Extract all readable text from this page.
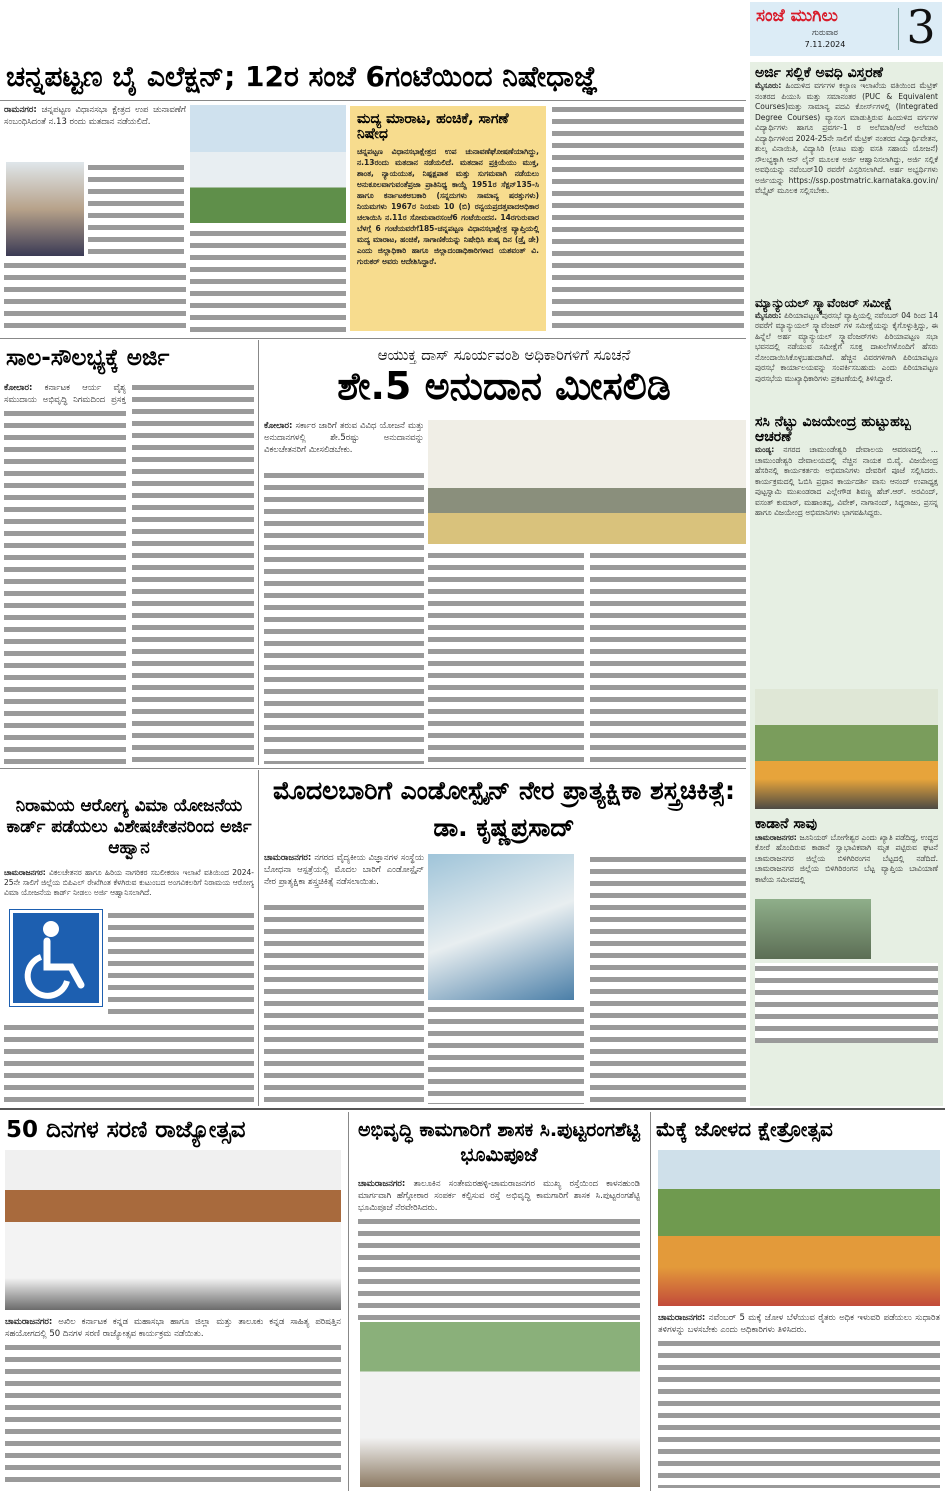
ಸಂಜೆ ಮುಗಿಲು
ಗುರುವಾರ
7.11.2024	3
ಚನ್ನಪಟ್ಟಣ ಬೈ ಎಲೆಕ್ಷನ್; 12ರ ಸಂಜೆ 6ಗಂಟೆಯಿಂದ ನಿಷೇಧಾಜ್ಞೆ
ರಾಮನಗರ: ಚನ್ನಪಟ್ಟಣ ವಿಧಾನಸಭಾ ಕ್ಷೇತ್ರದ ಉಪ ಚುನಾವಣೆಗೆ ಸಂಬಂಧಿಸಿದಂತೆ ನ.13 ರಂದು ಮತದಾನ ನಡೆಯಲಿದೆ.	ಮದ್ಯ ಮಾರಾಟ, ಹಂಚಿಕೆ, ಸಾಗಣೆ ನಿಷೇಧ
ಚನ್ನಪಟ್ಟಣ ವಿಧಾನಸಭಾಕ್ಷೇತ್ರದ ಉಪ ಚುನಾವಣೆಘೋಷಣೆಯಾಗಿದ್ದು, ನ.13ರಂದು ಮತದಾನ ನಡೆಯಲಿದೆ. ಮತದಾನ ಪ್ರಕ್ರಿಯೆಯು ಮುಕ್ತ, ಶಾಂತ, ನ್ಯಾಯಯುತ, ನಿಷ್ಪಕ್ಷಪಾತ ಮತ್ತು ಸುಗಮವಾಗಿ ನಡೆಯಲು ಅನುಕೂಲವಾಗುವಂತೆಪ್ರಜಾ ಪ್ರಾತಿನಿಧ್ಯ ಕಾಯ್ದೆ 1951ರ ಸೆಕ್ಷನ್135-ಸಿ ಹಾಗೂ ಕರ್ನಾಟಕಅಬಕಾರಿ (ಸನ್ನದುಗಳು ಸಾಮಾನ್ಯ ಷರತ್ತುಗಳು) ನಿಯಮಗಳು 1967ರ ನಿಯಮ 10 (ಬಿ) ರನ್ವಯಪ್ರದತ್ತವಾದಅಧಿಕಾರ ಚಲಾಯಿಸಿ ನ.11ರ ಸೋಮವಾರಸಂಜೆ6 ಗಂಟೆಯಿಂದನ. 14ರಗುರುವಾರ ಬೆಳಗ್ಗೆ 6 ಗಂಟೆಯವರೆಗೆ185-ಚನ್ನಪಟ್ಟಣ ವಿಧಾನಸಭಾಕ್ಷೇತ್ರ ವ್ಯಾಪ್ತಿಯಲ್ಲಿ ಮದ್ಯ ಮಾರಾಟ, ಹಂಚಿಕೆ, ಸಾಗಾಣಿಕೆಯನ್ನು ನಿಷೇಧಿಸಿ ಶುಷ್ಕ ದಿನ (ಡ್ರೈ ಡೇ) ಎಂದು ಜಿಲ್ಲಾಧಿಕಾರಿ ಹಾಗೂ ಜಿಲ್ಲಾದಂಡಾಧಿಕಾರಿಗಳಾದ ಯಶವಂತ್ ವಿ. ಗುರುಕರ್ ಅವರು ಆದೇಶಿಸಿದ್ದಾರೆ.
ಸಾಲ-ಸೌಲಭ್ಯಕ್ಕೆ ಅರ್ಜಿ
ಕೋಲಾರ: ಕರ್ನಾಟಕ ಆರ್ಯ ವೈಶ್ಯ ಸಮುದಾಯ ಅಭಿವೃದ್ಧಿ ನಿಗಮದಿಂದ ಪ್ರಸಕ್ತ
ಆಯುಕ್ತ ದಾಸ್ ಸೂರ್ಯವಂಶಿ ಅಧಿಕಾರಿಗಳಿಗೆ ಸೂಚನೆ
ಶೇ.5 ಅನುದಾನ ಮೀಸಲಿಡಿ
ಕೋಲಾರ: ಸರ್ಕಾರ ಜಾರಿಗೆ ತರುವ ವಿವಿಧ ಯೋಜನೆ ಮತ್ತು ಅನುದಾನಗಳಲ್ಲಿ ಶೇ.5ರಷ್ಟು ಅನುದಾನವನ್ನು ವಿಕಲಚೇತನರಿಗೆ ಮೀಸಲಿಡಬೇಕು.
ನಿರಾಮಯ ಆರೋಗ್ಯ ವಿಮಾ ಯೋಜನೆಯ ಕಾರ್ಡ್ ಪಡೆಯಲು ವಿಶೇಷಚೇತನರಿಂದ ಅರ್ಜಿ ಆಹ್ವಾನ
ಚಾಮರಾಜನಗರ: ವಿಕಲಚೇತನರ ಹಾಗೂ ಹಿರಿಯ ನಾಗರಿಕರ ಸಬಲೀಕರಣ ಇಲಾಖೆ ವತಿಯಿಂದ 2024-25ನೇ ಸಾಲಿಗೆ ಜಿಲ್ಲೆಯ ಬಿಪಿಎಲ್ ರೇಖೆಗಿಂತ ಕೆಳಗಿರುವ ಕುಟುಂಬದ ಅಂಗವಿಕಲರಿಗೆ ನಿರಾಮಯ ಆರೋಗ್ಯ ವಿಮಾ ಯೋಜನೆಯ ಕಾರ್ಡ್ ನೀಡಲು ಅರ್ಜಿ ಆಹ್ವಾನಿಸಲಾಗಿದೆ.
ಮೊದಲಬಾರಿಗೆ ಎಂಡೋಸ್ಪೈನ್ ನೇರ ಪ್ರಾತ್ಯಕ್ಷಿಕಾ ಶಸ್ತ್ರಚಿಕಿತ್ಸೆ: ಡಾ. ಕೃಷ್ಣಪ್ರಸಾದ್
ಚಾಮರಾಜನಗರ: ನಗರದ ವೈದ್ಯಕೀಯ ವಿಜ್ಞಾನಗಳ ಸಂಸ್ಥೆಯ ಬೋಧನಾ ಆಸ್ಪತ್ರೆಯಲ್ಲಿ ಮೊದಲ ಬಾರಿಗೆ ಎಂಡೋಸ್ಪೈನ್ ನೇರ ಪ್ರಾತ್ಯಕ್ಷಿಕಾ ಶಸ್ತ್ರಚಿಕಿತ್ಸೆ ನಡೆಸಲಾಯಿತು.
ಅರ್ಜಿ ಸಲ್ಲಿಕೆ ಅವಧಿ ವಿಸ್ತರಣೆ
ಮೈಸೂರು: ಹಿಂದುಳಿದ ವರ್ಗಗಳ ಕಲ್ಯಾಣ ಇಲಾಖೆಯ ವತಿಯಿಂದ ಮೆಟ್ರಿಕ್ ನಂತರದ ಪಿಯುಸಿ ಮತ್ತು ಸಮಾನಂತರ (PUC & Equivalent Courses)ಮತ್ತು ಸಾಮಾನ್ಯ ಪದವಿ ಕೋರ್ಸ್‌ಗಳಲ್ಲಿ (Integrated Degree Courses) ವ್ಯಾಸಂಗ ಮಾಡುತ್ತಿರುವ ಹಿಂದುಳಿದ ವರ್ಗಗಳ ವಿದ್ಯಾರ್ಥಿಗಳು ಹಾಗೂ ಪ್ರವರ್ಗ-1 ರ ಅಲೆಮಾರಿ/ಅರೆ ಅಲೆಮಾರಿ ವಿದ್ಯಾರ್ಥಿಗಳಿಂದ 2024-25ನೇ ಸಾಲಿಗೆ ಮೆಟ್ರಿಕ್ ನಂತರದ ವಿದ್ಯಾರ್ಥಿವೇತನ, ಶುಲ್ಕ ವಿನಾಯಿತಿ, ವಿದ್ಯಾಸಿರಿ (ಊಟ ಮತ್ತು ವಸತಿ ಸಹಾಯ ಯೋಜನೆ) ಸೌಲಭ್ಯಕ್ಕಾಗಿ ಆನ್ ಲೈನ್ ಮೂಲಕ ಅರ್ಜಿ ಆಹ್ವಾನಿಸಲಾಗಿದ್ದು, ಅರ್ಜಿ ಸಲ್ಲಿಕೆ ಅವಧಿಯನ್ನು ನವೆಂಬರ್10 ರವರೆಗೆ ವಿಸ್ತರಿಸಲಾಗಿದೆ. ಅರ್ಹ ಅಭ್ಯರ್ಥಿಗಳು ಅರ್ಜಿಯನ್ನು https://ssp.postmatric.karnataka.gov.in/ವೆಬ್ಸೈಟ್ ಮೂಲಕ ಸಲ್ಲಿಸಬೇಕು.
ಮ್ಯಾನ್ಯುಯಲ್ ಸ್ಕ್ಯಾವೆಂಜರ್ ಸಮೀಕ್ಷೆ
ಮೈಸೂರು: ಪಿರಿಯಾಪಟ್ಟಣ ಪುರಸಭೆ ವ್ಯಾಪ್ತಿಯಲ್ಲಿ ನವೆಂಬರ್ 04 ರಿಂದ 14 ರವರೆಗೆ ಮ್ಯಾನ್ಯುಯಲ್ ಸ್ಕ್ಯಾವೆಂಜರ್ ಗಳ ಸಮೀಕ್ಷೆಯನ್ನು ಕೈಗೊಳ್ಳುತ್ತಿದ್ದು, ಈ ಹಿನ್ನೆಲೆ ಅರ್ಹ ಮ್ಯಾನ್ಯುಯಲ್ ಸ್ಕ್ಯಾವೆಂಜರ್‌ಗಳು ಪಿರಿಯಾಪಟ್ಟಣ ಸಭಾ ಭವನದಲ್ಲಿ ನಡೆಯುವ ಸಮೀಕ್ಷೆಗೆ ಸೂಕ್ತ ದಾಖಲೆಗಳೊಂದಿಗೆ ಹೆಸರು ನೋಂದಾಯಿಸಿಕೊಳ್ಳಬಹುದಾಗಿದೆ. ಹೆಚ್ಚಿನ ವಿವರಗಳಿಗಾಗಿ ಪಿರಿಯಾಪಟ್ಟಣ ಪುರಸಭೆ ಕಾರ್ಯಾಲಯವನ್ನು ಸಂಪರ್ಕಿಸಬಹುದು ಎಂದು ಪಿರಿಯಾಪಟ್ಟಣ ಪುರಸಭೆಯ ಮುಖ್ಯಾಧಿಕಾರಿಗಳು ಪ್ರಕಟಣೆಯಲ್ಲಿ ತಿಳಿಸಿದ್ದಾರೆ.
ಸಸಿ ನೆಟ್ಟು ವಿಜಯೇಂದ್ರ ಹುಟ್ಟುಹಬ್ಬ ಆಚರಣೆ
ಮಂಡ್ಯ: ನಗರದ ಚಾಮುಂಡೇಶ್ವರಿ ದೇವಾಲಯ ಆವರಣದಲ್ಲಿ ... ಚಾಮುಂಡೇಶ್ವರಿ ದೇವಾಲಯದಲ್ಲಿ ನೆಚ್ಚಿನ ನಾಯಕ ಬಿ.ವೈ. ವಿಜಯೇಂದ್ರ ಹೆಸರಿನಲ್ಲಿ ಕಾರ್ಯಕರ್ತರು ಅಭಿಮಾನಿಗಳು ದೇವರಿಗೆ ಪೂಜೆ ಸಲ್ಲಿಸಿದರು. ಕಾರ್ಯಕ್ರಮದಲ್ಲಿ ಓಬಿಸಿ ಪ್ರಧಾನ ಕಾರ್ಯದರ್ಶಿ ವಾಸು ಆನಂದ್ ಉಪಾಧ್ಯಕ್ಷ ಪುಟ್ಟಸ್ವಾಮಿ ಮುಖಂಡರಾದ ಎಲ್ಲೇಗೌಡ ಶಿವಣ್ಣ ಹೆಚ್.ಆರ್. ಅರವಿಂದ್, ವಸಂತ್ ಕುಮಾರ್, ಮಹಾಂತಪ್ಪ, ವಿವೇಕ್, ನಾಗಾನಂದ್, ಸಿದ್ದರಾಜು, ಪ್ರಸನ್ನ ಹಾಗೂ ವಿಜಯೇಂದ್ರ ಅಭಿಮಾನಿಗಳು ಭಾಗವಹಿಸಿದ್ದರು.
ಕಾಡಾನೆ ಸಾವು
ಚಾಮರಾಜನಗರ: ಜೂನಿಯರ್ ಬೋಗೇಶ್ವರ ಎಂದು ಖ್ಯಾತಿ ಪಡೆದಿದ್ದ, ಉದ್ದದ ಕೋರೆ ಹೊಂದಿರುವ ಕಾಡಾನೆ ಸ್ವಾಭಾವಿಕವಾಗಿ ಮೃತ ಪಟ್ಟಿರುವ ಘಟನೆ ಚಾಮರಾಜನಗರ ಜಿಲ್ಲೆಯ ಬಿಳಿಗಿರಿರಂಗನ ಬೆಟ್ಟದಲ್ಲಿ ನಡೆದಿದೆ. ಚಾಮರಾಜನಗರ ಜಿಲ್ಲೆಯ ಬಿಳಿಗಿರಿರಂಗನ ಬೆಟ್ಟ ವ್ಯಾಪ್ತಿಯ ಬಾವಿಯಾಣೆ ಕಾಟೆಯ ಸಮೀಪದಲ್ಲಿ
50 ದಿನಗಳ ಸರಣಿ ರಾಜ್ಯೋತ್ಸವ
ಚಾಮರಾಜನಗರ: ಅಖಿಲ ಕರ್ನಾಟಕ ಕನ್ನಡ ಮಹಾಸಭಾ ಹಾಗೂ ಜಿಲ್ಲಾ ಮತ್ತು ತಾಲೂಕು ಕನ್ನಡ ಸಾಹಿತ್ಯ ಪರಿಷತ್ತಿನ ಸಹಯೋಗದಲ್ಲಿ 50 ದಿನಗಳ ಸರಣಿ ರಾಜ್ಯೋತ್ಸವ ಕಾರ್ಯಕ್ರಮ ನಡೆಯಿತು.
ಅಭಿವೃದ್ಧಿ ಕಾಮಗಾರಿಗೆ ಶಾಸಕ ಸಿ.ಪುಟ್ಟರಂಗಶೆಟ್ಟಿ ಭೂಮಿಪೂಜೆ
ಚಾಮರಾಜನಗರ: ತಾಲೂಕಿನ ಸಂತೇಮರಹಳ್ಳಿ-ಚಾಮರಾಜನಗರ ಮುಖ್ಯ ರಸ್ತೆಯಿಂದ ಕಾಳನಹುಂಡಿ ಮಾರ್ಗವಾಗಿ ಹೆಗ್ಗೋಠಾರ ಸಂಪರ್ಕ ಕಲ್ಪಿಸುವ ರಸ್ತೆ ಅಭಿವೃದ್ಧಿ ಕಾಮಗಾರಿಗೆ ಶಾಸಕ ಸಿ.ಪುಟ್ಟರಂಗಶೆಟ್ಟಿ ಭೂಮಿಪೂಜೆ ನೆರವೇರಿಸಿದರು.
ಮೆಕ್ಕೆ ಜೋಳದ ಕ್ಷೇತ್ರೋತ್ಸವ
ಚಾಮರಾಜನಗರ: ನವೆಂಬರ್ 5 ಮಕ್ಕೆ ಜೋಳ ಬೆಳೆಯುವ ರೈತರು ಅಧಿಕ ಇಳುವರಿ ಪಡೆಯಲು ಸುಧಾರಿತ ತಳಿಗಳನ್ನು ಬಳಸಬೇಕು ಎಂದು ಅಧಿಕಾರಿಗಳು ತಿಳಿಸಿದರು.
